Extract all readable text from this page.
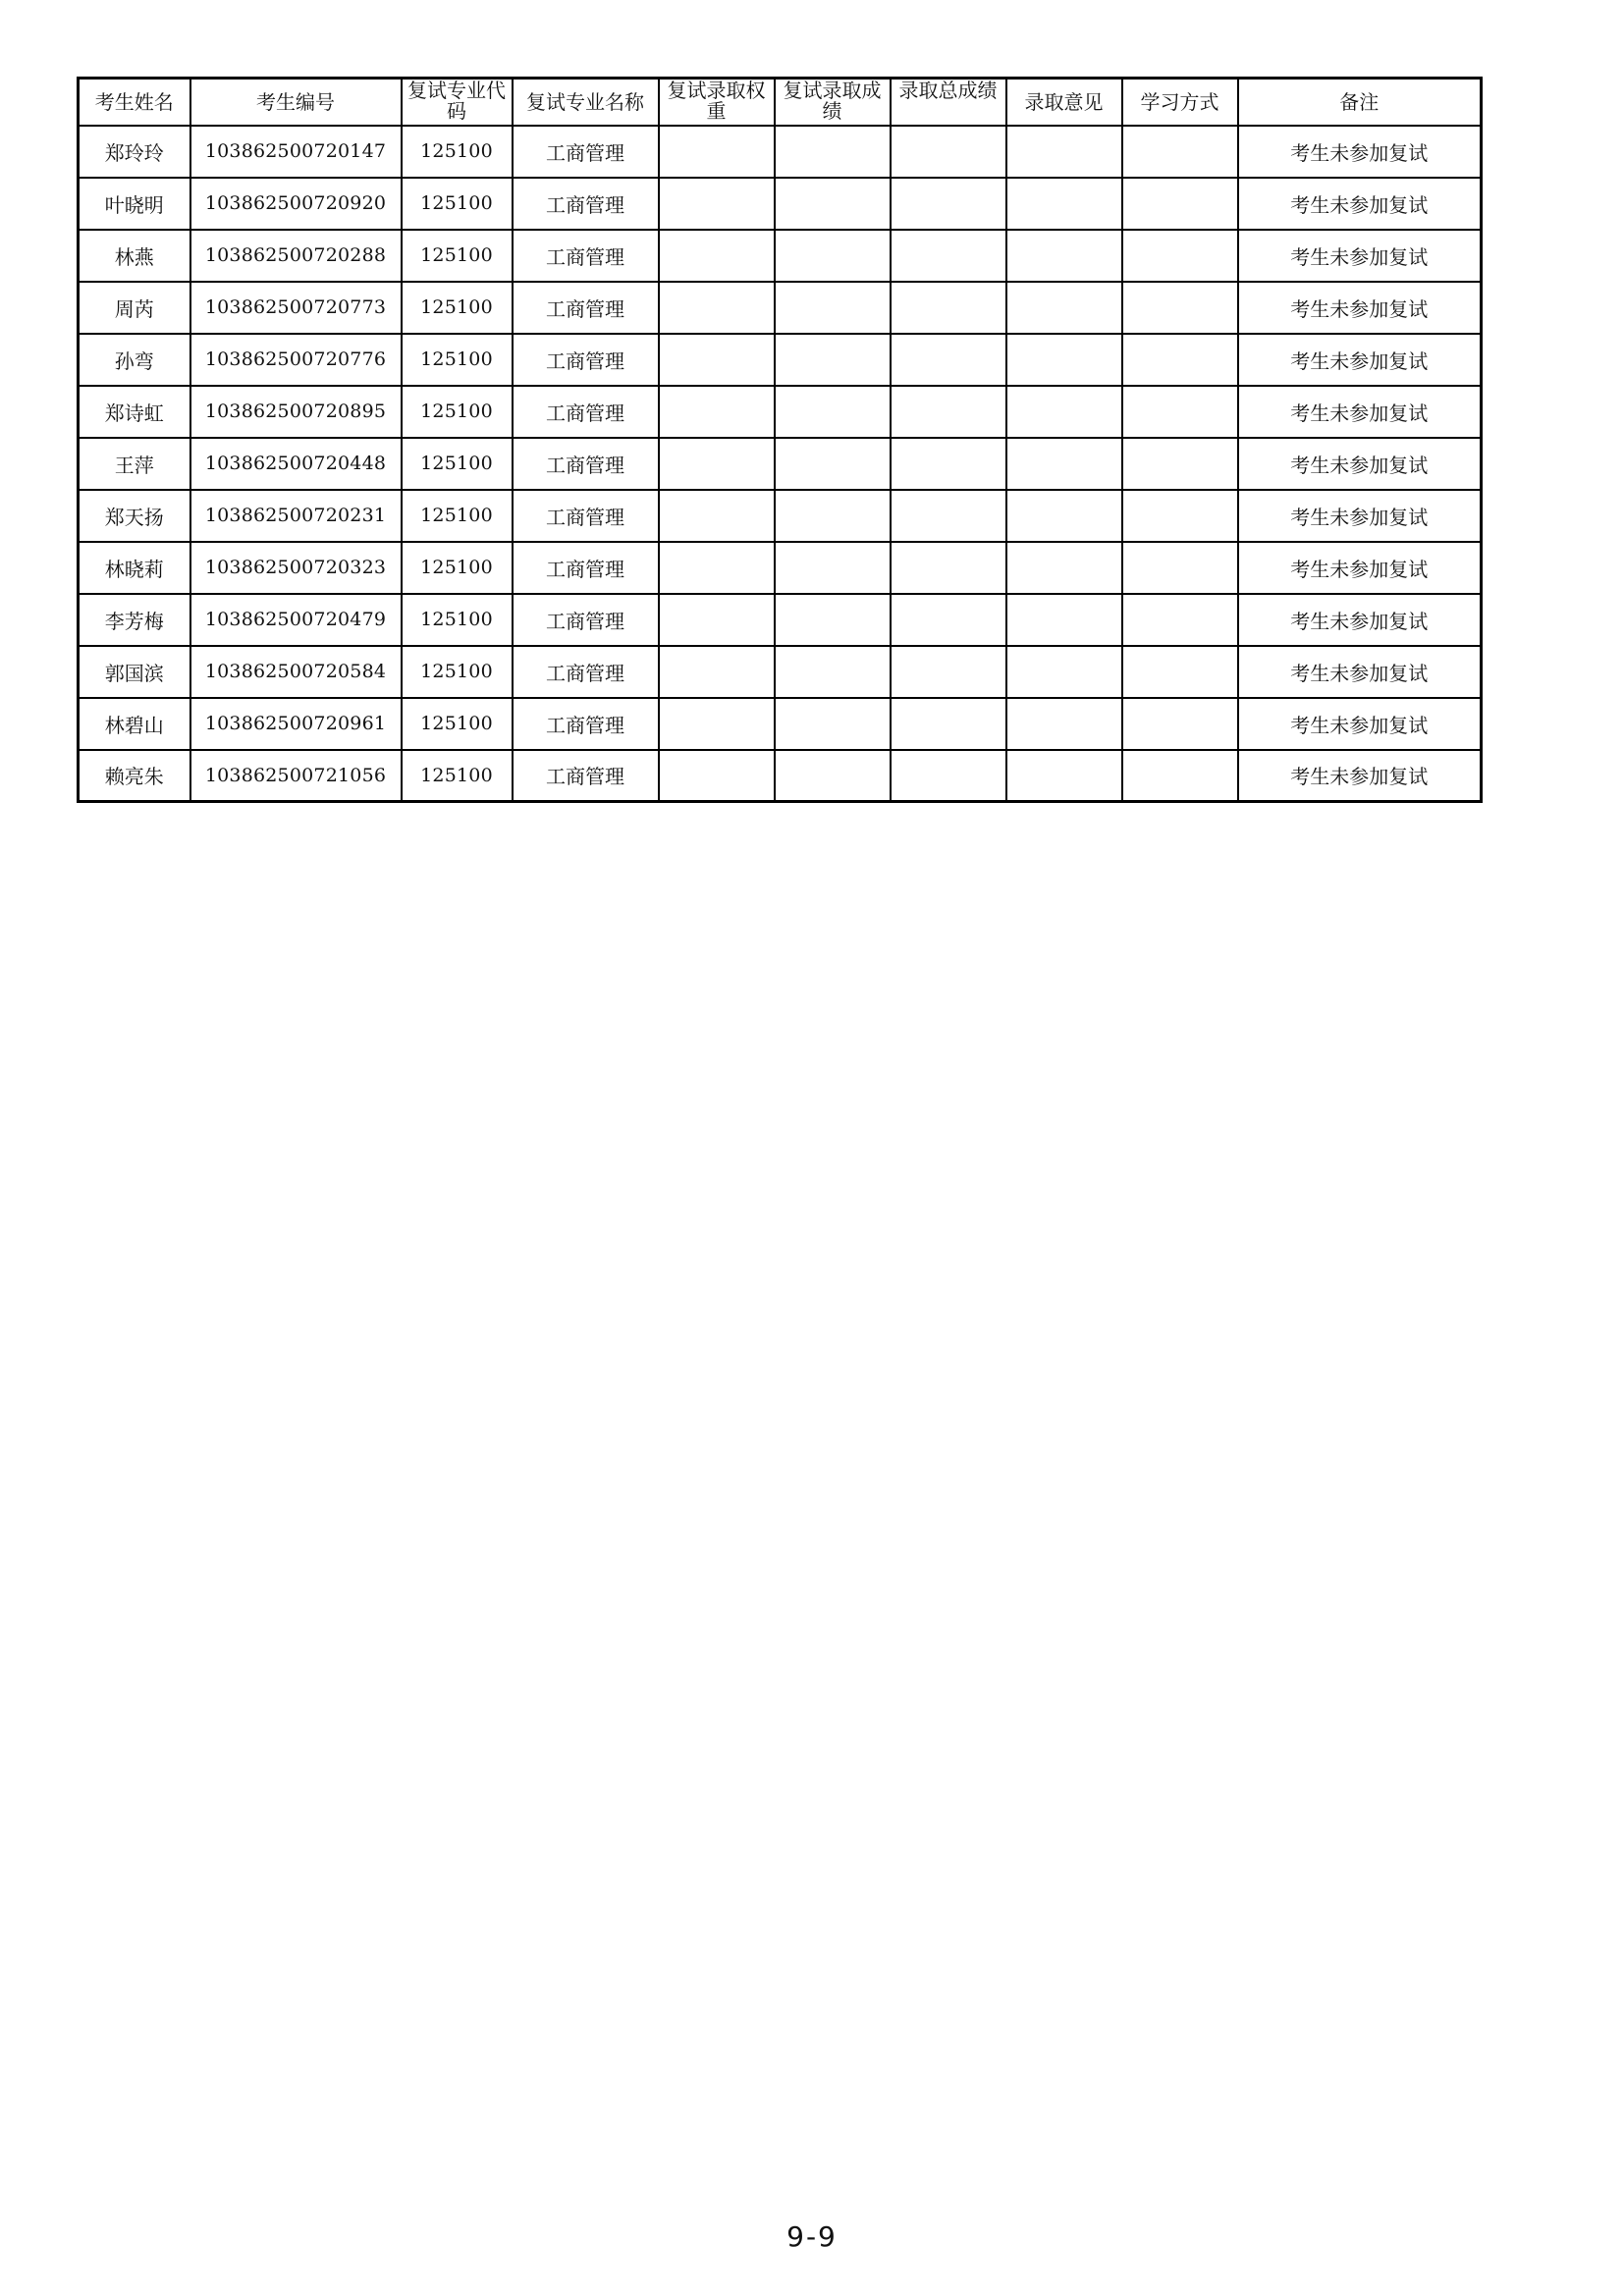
考生姓名	考生编号	复试专业代码	复试专业名称	复试录取权重	复试录取成绩	录取总成绩	录取意见	学习方式	备注
郑玲玲	103862500720147	125100	工商管理						考生未参加复试
叶晓明	103862500720920	125100	工商管理						考生未参加复试
林燕	103862500720288	125100	工商管理						考生未参加复试
周芮	103862500720773	125100	工商管理						考生未参加复试
孙弯	103862500720776	125100	工商管理						考生未参加复试
郑诗虹	103862500720895	125100	工商管理						考生未参加复试
王萍	103862500720448	125100	工商管理						考生未参加复试
郑天扬	103862500720231	125100	工商管理						考生未参加复试
林晓莉	103862500720323	125100	工商管理						考生未参加复试
李芳梅	103862500720479	125100	工商管理						考生未参加复试
郭国滨	103862500720584	125100	工商管理						考生未参加复试
林碧山	103862500720961	125100	工商管理						考生未参加复试
赖亮朱	103862500721056	125100	工商管理						考生未参加复试
9-9
